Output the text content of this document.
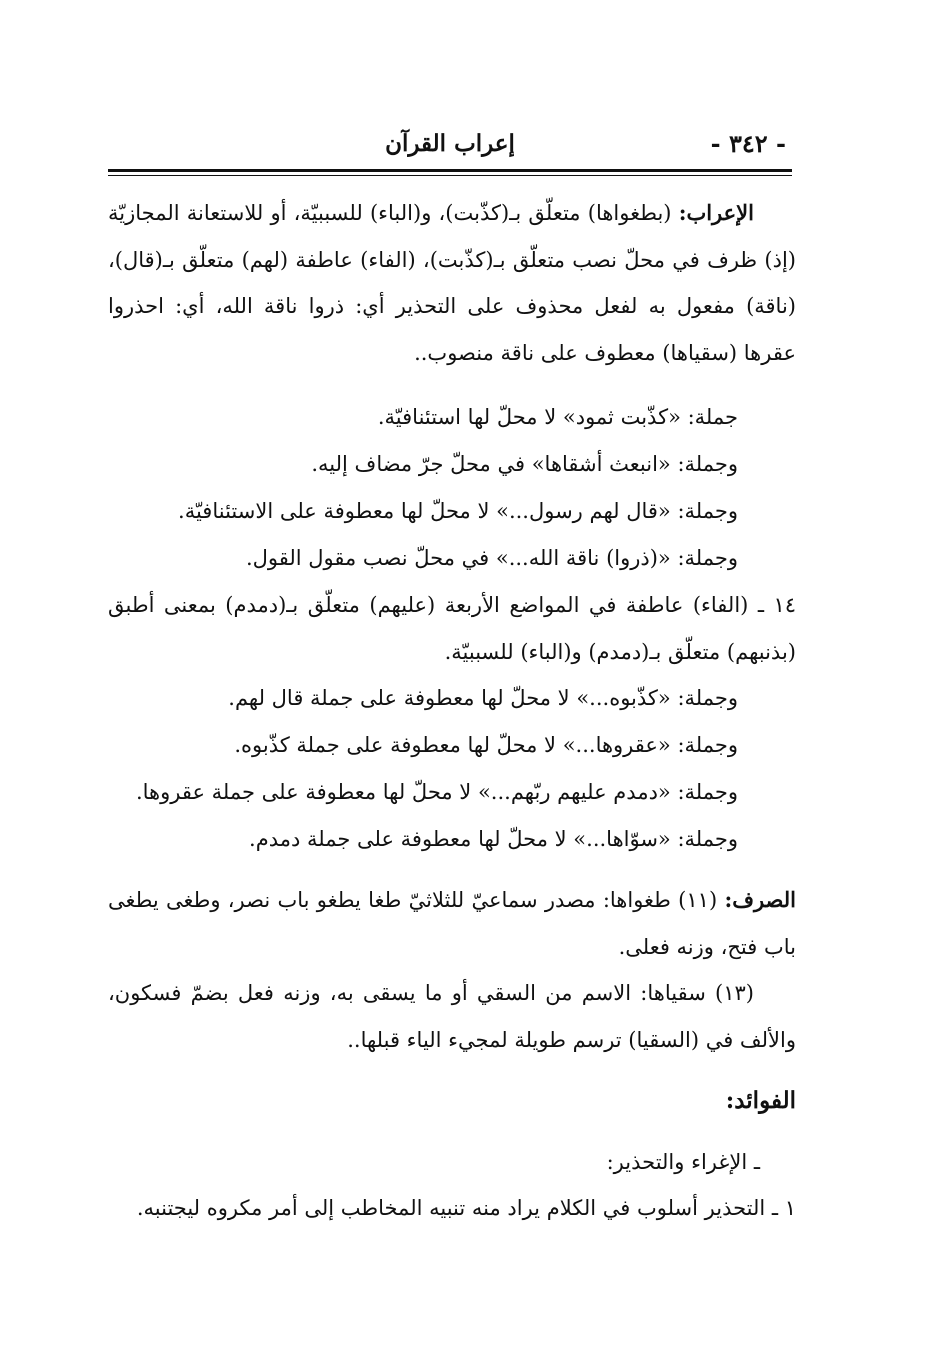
- ٣٤٢ -
إعراب القرآن

الإعراب: (بطغواها) متعلّق بـ(كذّبت)، و(الباء) للسببيّة، أو للاستعانة المجازيّة (إذ) ظرف في محلّ نصب متعلّق بـ(كذّبت)، (الفاء) عاطفة (لهم) متعلّق بـ(قال)، (ناقة) مفعول به لفعل محذوف على التحذير أي: ذروا ناقة الله، أي: احذروا عقرها (سقياها) معطوف على ناقة منصوب..

جملة: «كذّبت ثمود» لا محلّ لها استئنافيّة.

وجملة: «انبعث أشقاها» في محلّ جرّ مضاف إليه.

وجملة: «قال لهم رسول...» لا محلّ لها معطوفة على الاستئنافيّة.

وجملة: «(ذروا) ناقة الله...» في محلّ نصب مقول القول.

١٤ ـ (الفاء) عاطفة في المواضع الأربعة (عليهم) متعلّق بـ(دمدم) بمعنى أطبق (بذنبهم) متعلّق بـ(دمدم) و(الباء) للسببيّة.

وجملة: «كذّبوه...» لا محلّ لها معطوفة على جملة قال لهم.

وجملة: «عقروها...» لا محلّ لها معطوفة على جملة كذّبوه.

وجملة: «دمدم عليهم ربّهم...» لا محلّ لها معطوفة على جملة عقروها.

وجملة: «سوّاها...» لا محلّ لها معطوفة على جملة دمدم.

الصرف: (١١) طغواها: مصدر سماعيّ للثلاثيّ طغا يطغو باب نصر، وطغى يطغى باب فتح، وزنه فعلى.

(١٣) سقياها: الاسم من السقي أو ما يسقى به، وزنه فعل بضمّ فسكون، والألف في (السقيا) ترسم طويلة لمجيء الياء قبلها..

الفوائد:

ـ الإغراء والتحذير:

١ ـ التحذير أسلوب في الكلام يراد منه تنبيه المخاطب إلى أمر مكروه ليجتنبه.
